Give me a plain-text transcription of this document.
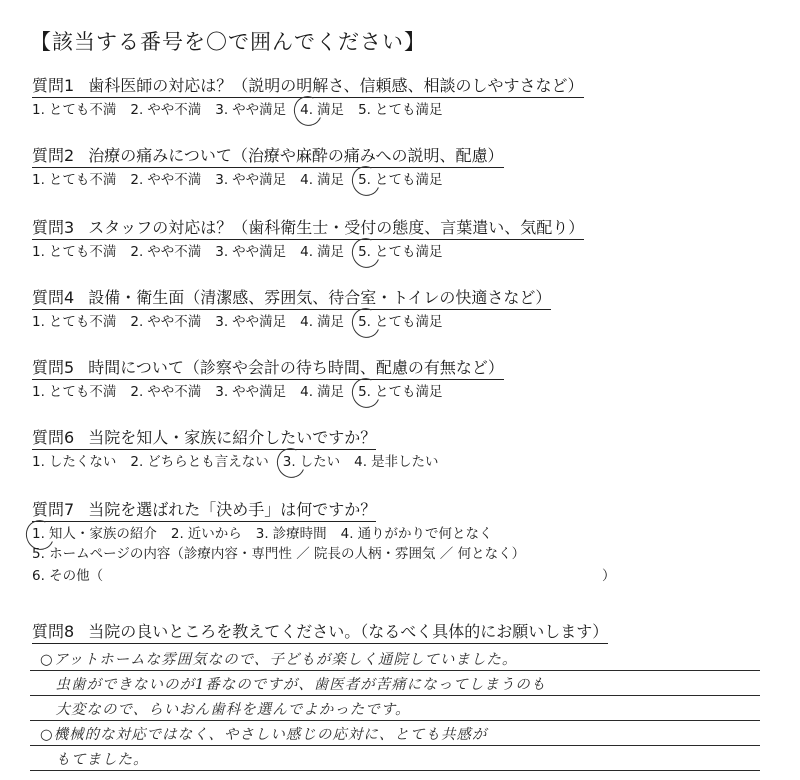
【該当する番号を〇で囲んでください】
質問1 歯科医師の対応は？（説明の明解さ、信頼感、相談のしやすさなど）
1. とても不満 2. やや不満 3. やや満足 4. 満足 5. とても満足
質問2 治療の痛みについて（治療や麻酔の痛みへの説明、配慮）
1. とても不満 2. やや不満 3. やや満足 4. 満足 5. とても満足
質問3 スタッフの対応は？（歯科衛生士・受付の態度、言葉遣い、気配り）
1. とても不満 2. やや不満 3. やや満足 4. 満足 5. とても満足
質問4 設備・衛生面（清潔感、雰囲気、待合室・トイレの快適さなど）
1. とても不満 2. やや不満 3. やや満足 4. 満足 5. とても満足
質問5 時間について（診察や会計の待ち時間、配慮の有無など）
1. とても不満 2. やや不満 3. やや満足 4. 満足 5. とても満足
質問6 当院を知人・家族に紹介したいですか？
1. したくない 2. どちらとも言えない 3. したい 4. 是非したい
質問7 当院を選ばれた「決め手」は何ですか？
1. 知人・家族の紹介 2. 近いから 3. 診療時間 4. 通りがかりで何となく
5. ホームページの内容（診療内容・専門性 ／ 院長の人柄・雰囲気 ／ 何となく）
6. その他（	）
質問8 当院の良いところを教えてください。（なるべく具体的にお願いします）
○アットホームな雰囲気なので、子どもが楽しく通院していました。
　虫歯ができないのが1番なのですが、歯医者が苦痛になってしまうのも
　大変なので、らいおん歯科を選んでよかったです。
○機械的な対応ではなく、やさしい感じの応対に、とても共感が
　もてました。
